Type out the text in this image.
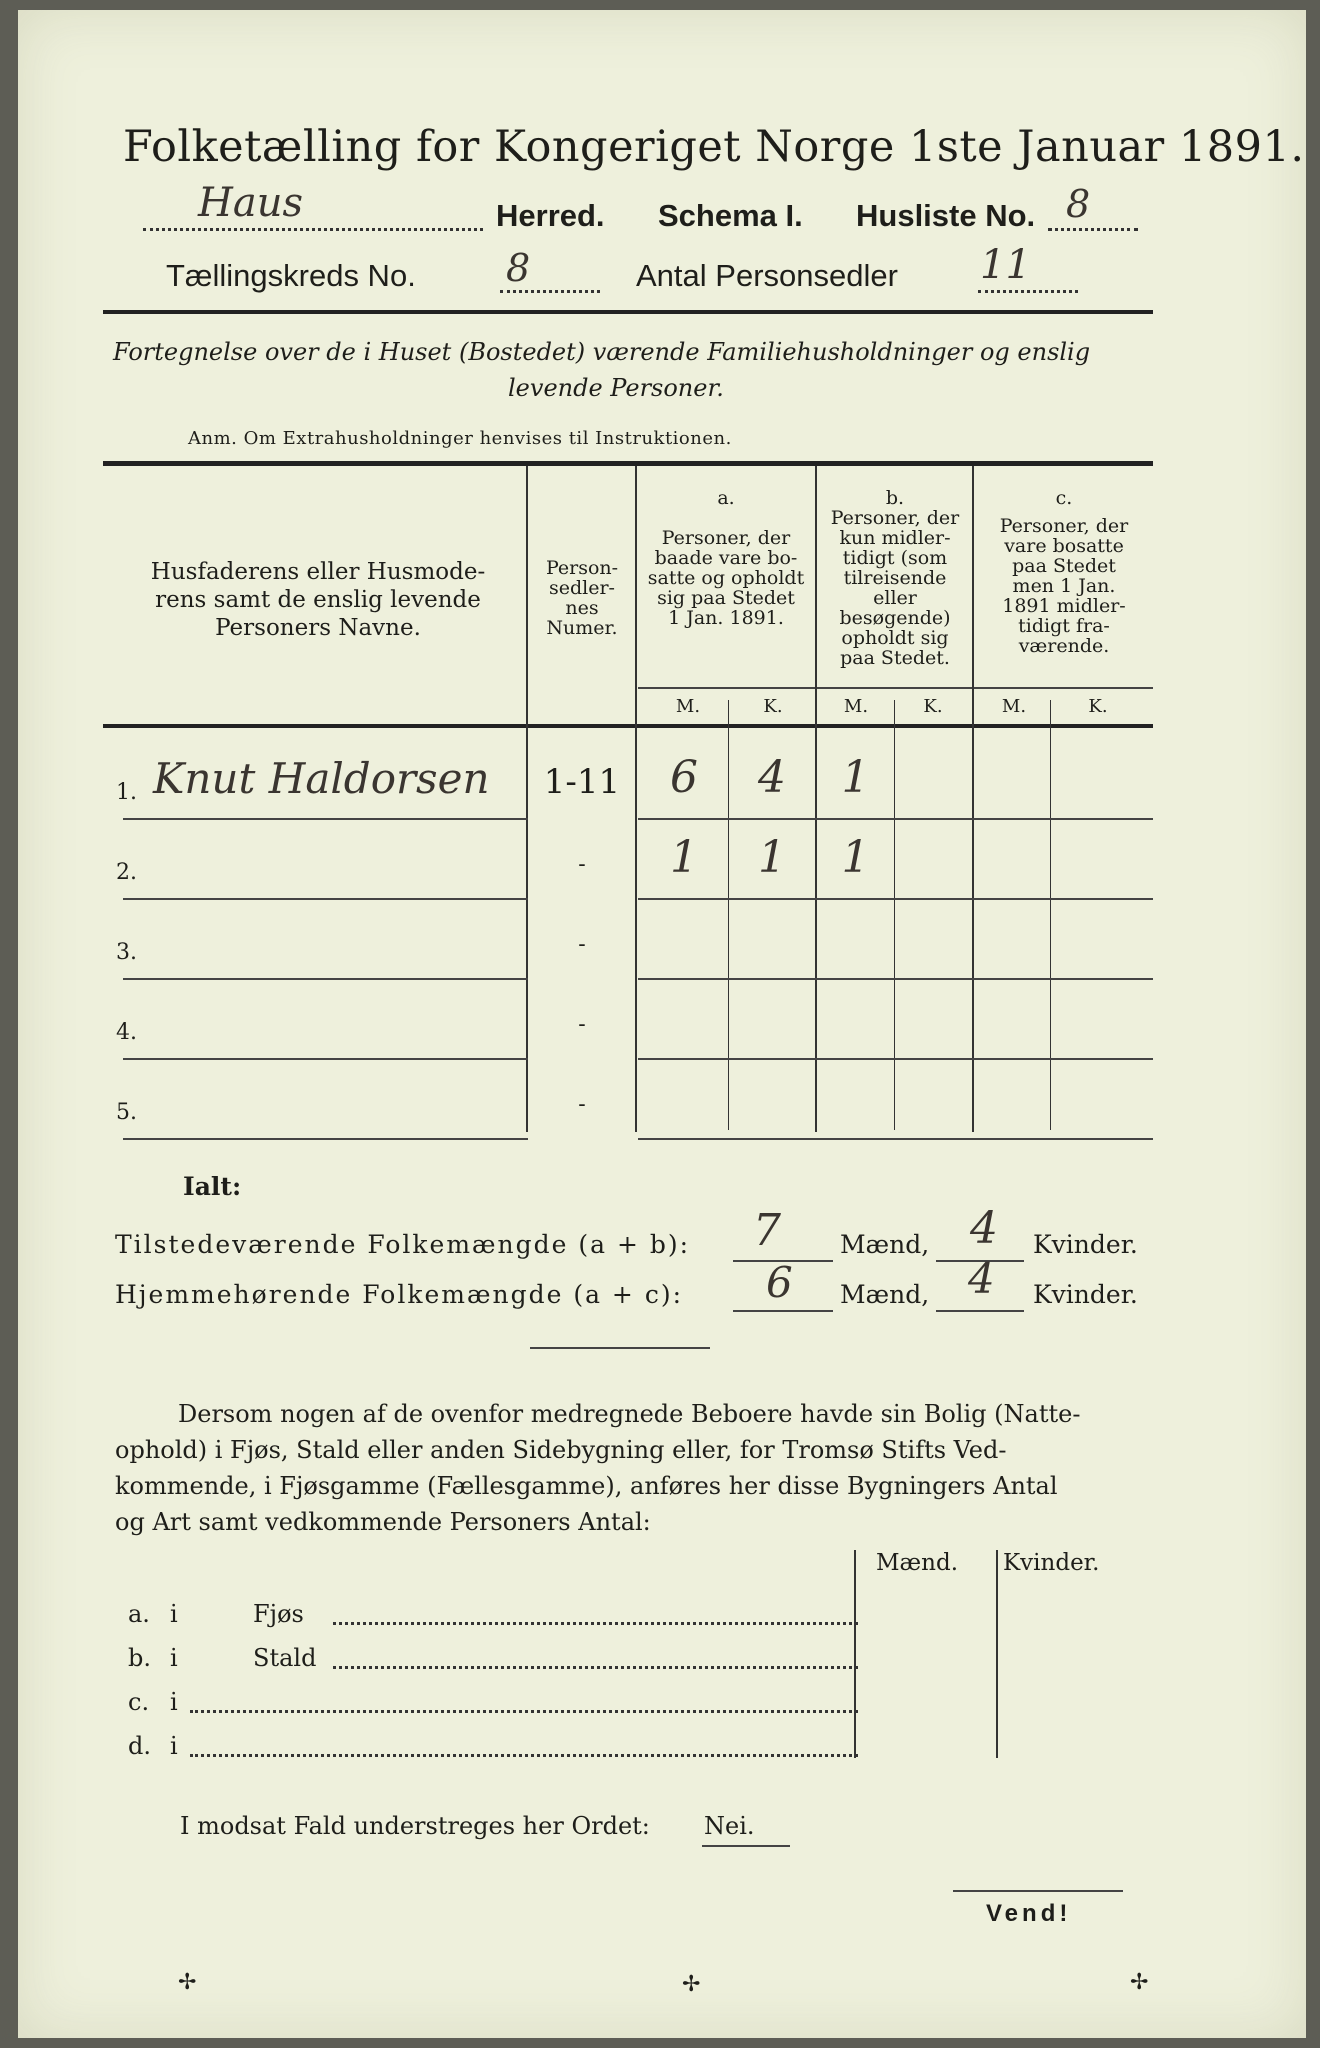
Folketælling for Kongeriget Norge 1ste Januar 1891.
Haus	Herred. Schema I. Husliste No. 8
Tællingskreds No. 8	Antal Personsedler 11
Fortegnelse over de i Huset (Bostedet) værende Familiehusholdninger og enslig
levende Personer.
Anm. Om Extrahusholdninger henvises til Instruktionen.
Husfaderens eller Husmode-
rens samt de enslig levende
Personers Navne.
Person-
sedler-
nes
Numer.
a.
Personer, der
baade vare bo-
satte og opholdt
sig paa Stedet
1 Jan. 1891.
b.
Personer, der
kun midler-
tidigt (som
tilreisende
eller
besøgende)
opholdt sig
paa Stedet.
c.
Personer, der
vare bosatte
paa Stedet
men 1 Jan.
1891 midler-
tidigt fra-
værende.
M.	K.	M.	K.	M.	K.
1. Knut Haldorsen	1-11	6	4	1
2.	-	1	1	1
3.	-
4.	-
5.	-
Ialt:
Tilstedeværende Folkemængde (a + b): 7 Mænd, 4 Kvinder.
Hjemmehørende Folkemængde (a + c): 6 Mænd, 4 Kvinder.
Dersom nogen af de ovenfor medregnede Beboere havde sin Bolig (Natte-
ophold) i Fjøs, Stald eller anden Sidebygning eller, for Tromsø Stifts Ved-
kommende, i Fjøsgamme (Fællesgamme), anføres her disse Bygningers Antal
og Art samt vedkommende Personers Antal:
Mænd. Kvinder.
a. i	Fjøs
b. i	Stald
c. i
d. i
I modsat Fald understreges her Ordet: Nei.
Vend!
✢	✢	✢
